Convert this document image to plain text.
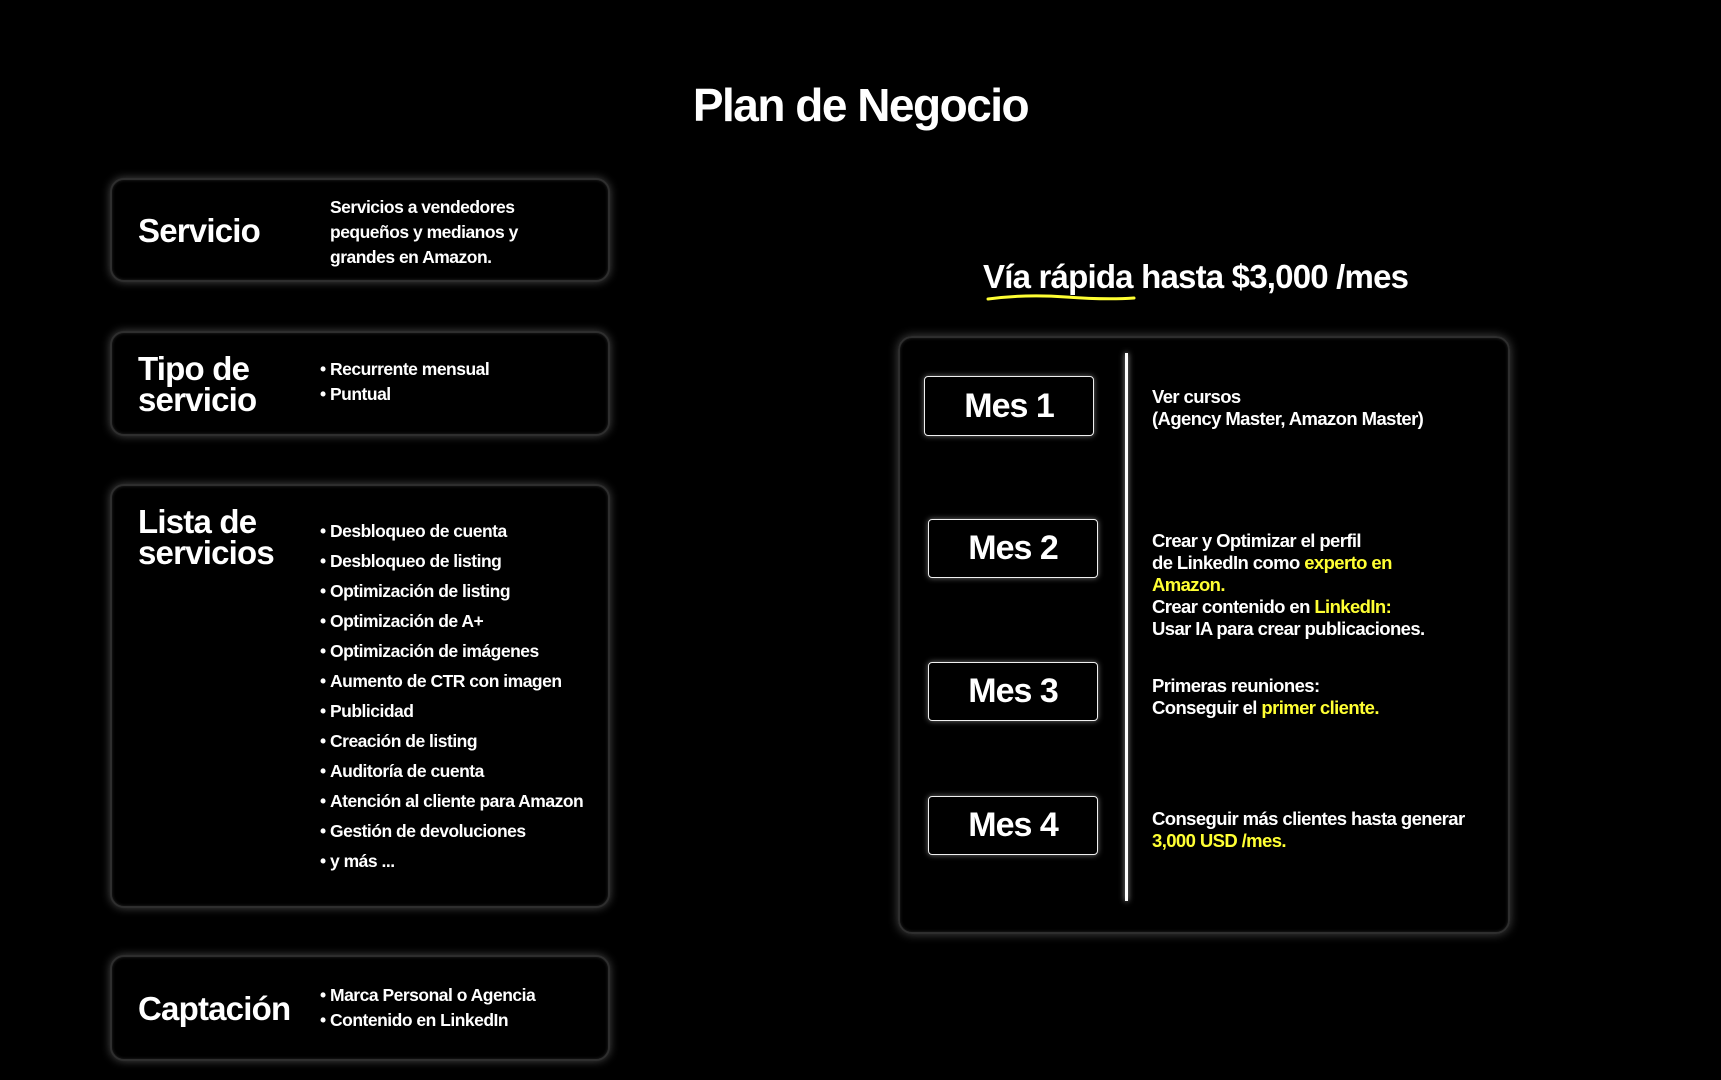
Plan de Negocio
Servicio
Servicios a vendedores
pequeños y medianos y
grandes en Amazon.
Tipo de
servicio
• Recurrente mensual
• Puntual
Lista de
servicios
• Desbloqueo de cuenta
• Desbloqueo de listing
• Optimización de listing
• Optimización de A+
• Optimización de imágenes
• Aumento de CTR con imagen
• Publicidad
• Creación de listing
• Auditoría de cuenta
• Atención al cliente para Amazon
• Gestión de devoluciones
• y más ...
Captación
•	Marca Personal o Agencia
• Contenido en LinkedIn
Vía rápida hasta $3,000 /mes
Mes 1
Mes 2
Mes 3
Mes 4
Ver cursos
(Agency Master, Amazon Master)
Crear y Optimizar el perfil
de LinkedIn como experto en
Amazon.
Crear contenido en LinkedIn:
Usar IA para crear publicaciones.
Primeras reuniones:
Conseguir el primer cliente.
Conseguir más clientes hasta generar
3,000 USD /mes.
